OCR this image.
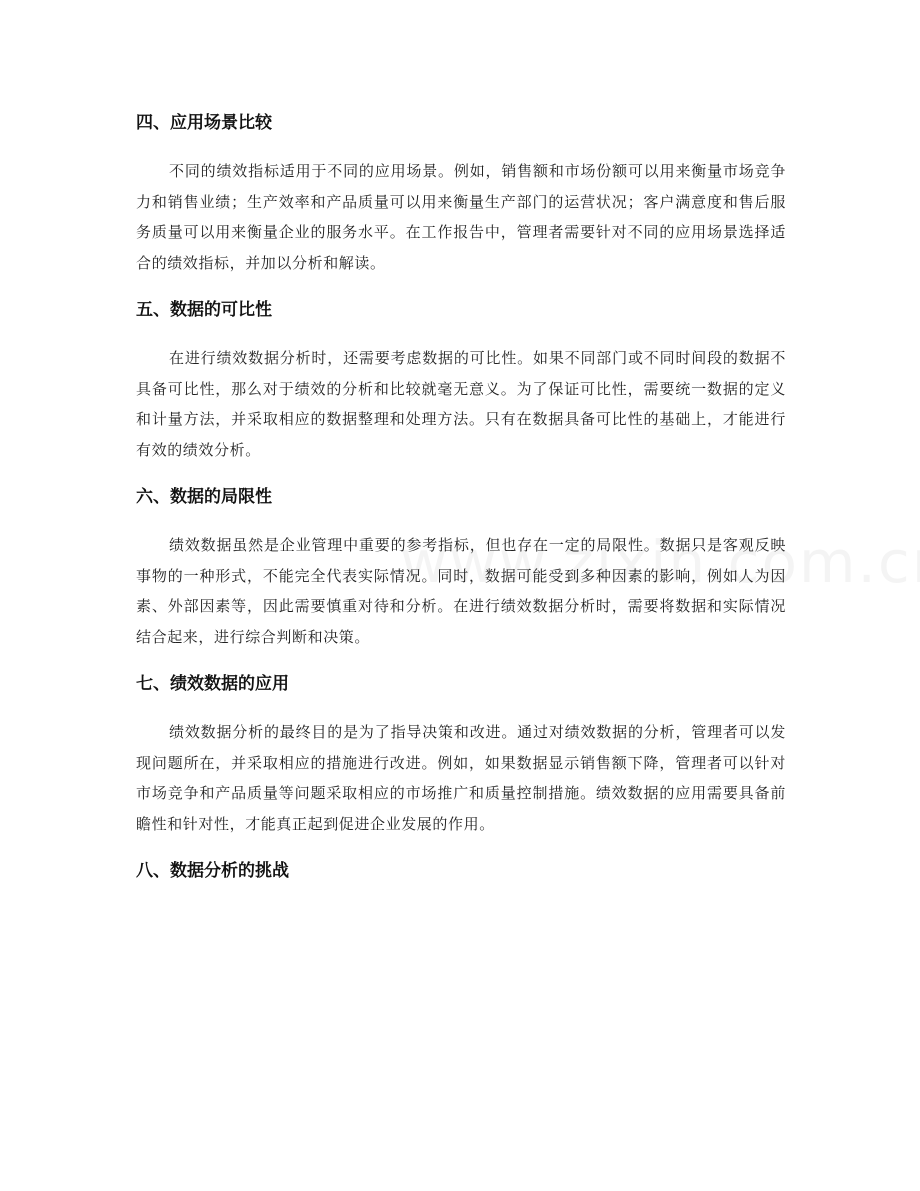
四、应用场景比较

不同的绩效指标适用于不同的应用场景。例如，销售额和市场份额可以用来衡量市场竞争力和销售业绩；生产效率和产品质量可以用来衡量生产部门的运营状况；客户满意度和售后服务质量可以用来衡量企业的服务水平。在工作报告中，管理者需要针对不同的应用场景选择适合的绩效指标，并加以分析和解读。

五、数据的可比性

在进行绩效数据分析时，还需要考虑数据的可比性。如果不同部门或不同时间段的数据不具备可比性，那么对于绩效的分析和比较就毫无意义。为了保证可比性，需要统一数据的定义和计量方法，并采取相应的数据整理和处理方法。只有在数据具备可比性的基础上，才能进行有效的绩效分析。

六、数据的局限性

绩效数据虽然是企业管理中重要的参考指标，但也存在一定的局限性。数据只是客观反映事物的一种形式，不能完全代表实际情况。同时，数据可能受到多种因素的影响，例如人为因素、外部因素等，因此需要慎重对待和分析。在进行绩效数据分析时，需要将数据和实际情况结合起来，进行综合判断和决策。

七、绩效数据的应用

绩效数据分析的最终目的是为了指导决策和改进。通过对绩效数据的分析，管理者可以发现问题所在，并采取相应的措施进行改进。例如，如果数据显示销售额下降，管理者可以针对市场竞争和产品质量等问题采取相应的市场推广和质量控制措施。绩效数据的应用需要具备前瞻性和针对性，才能真正起到促进企业发展的作用。

八、数据分析的挑战
